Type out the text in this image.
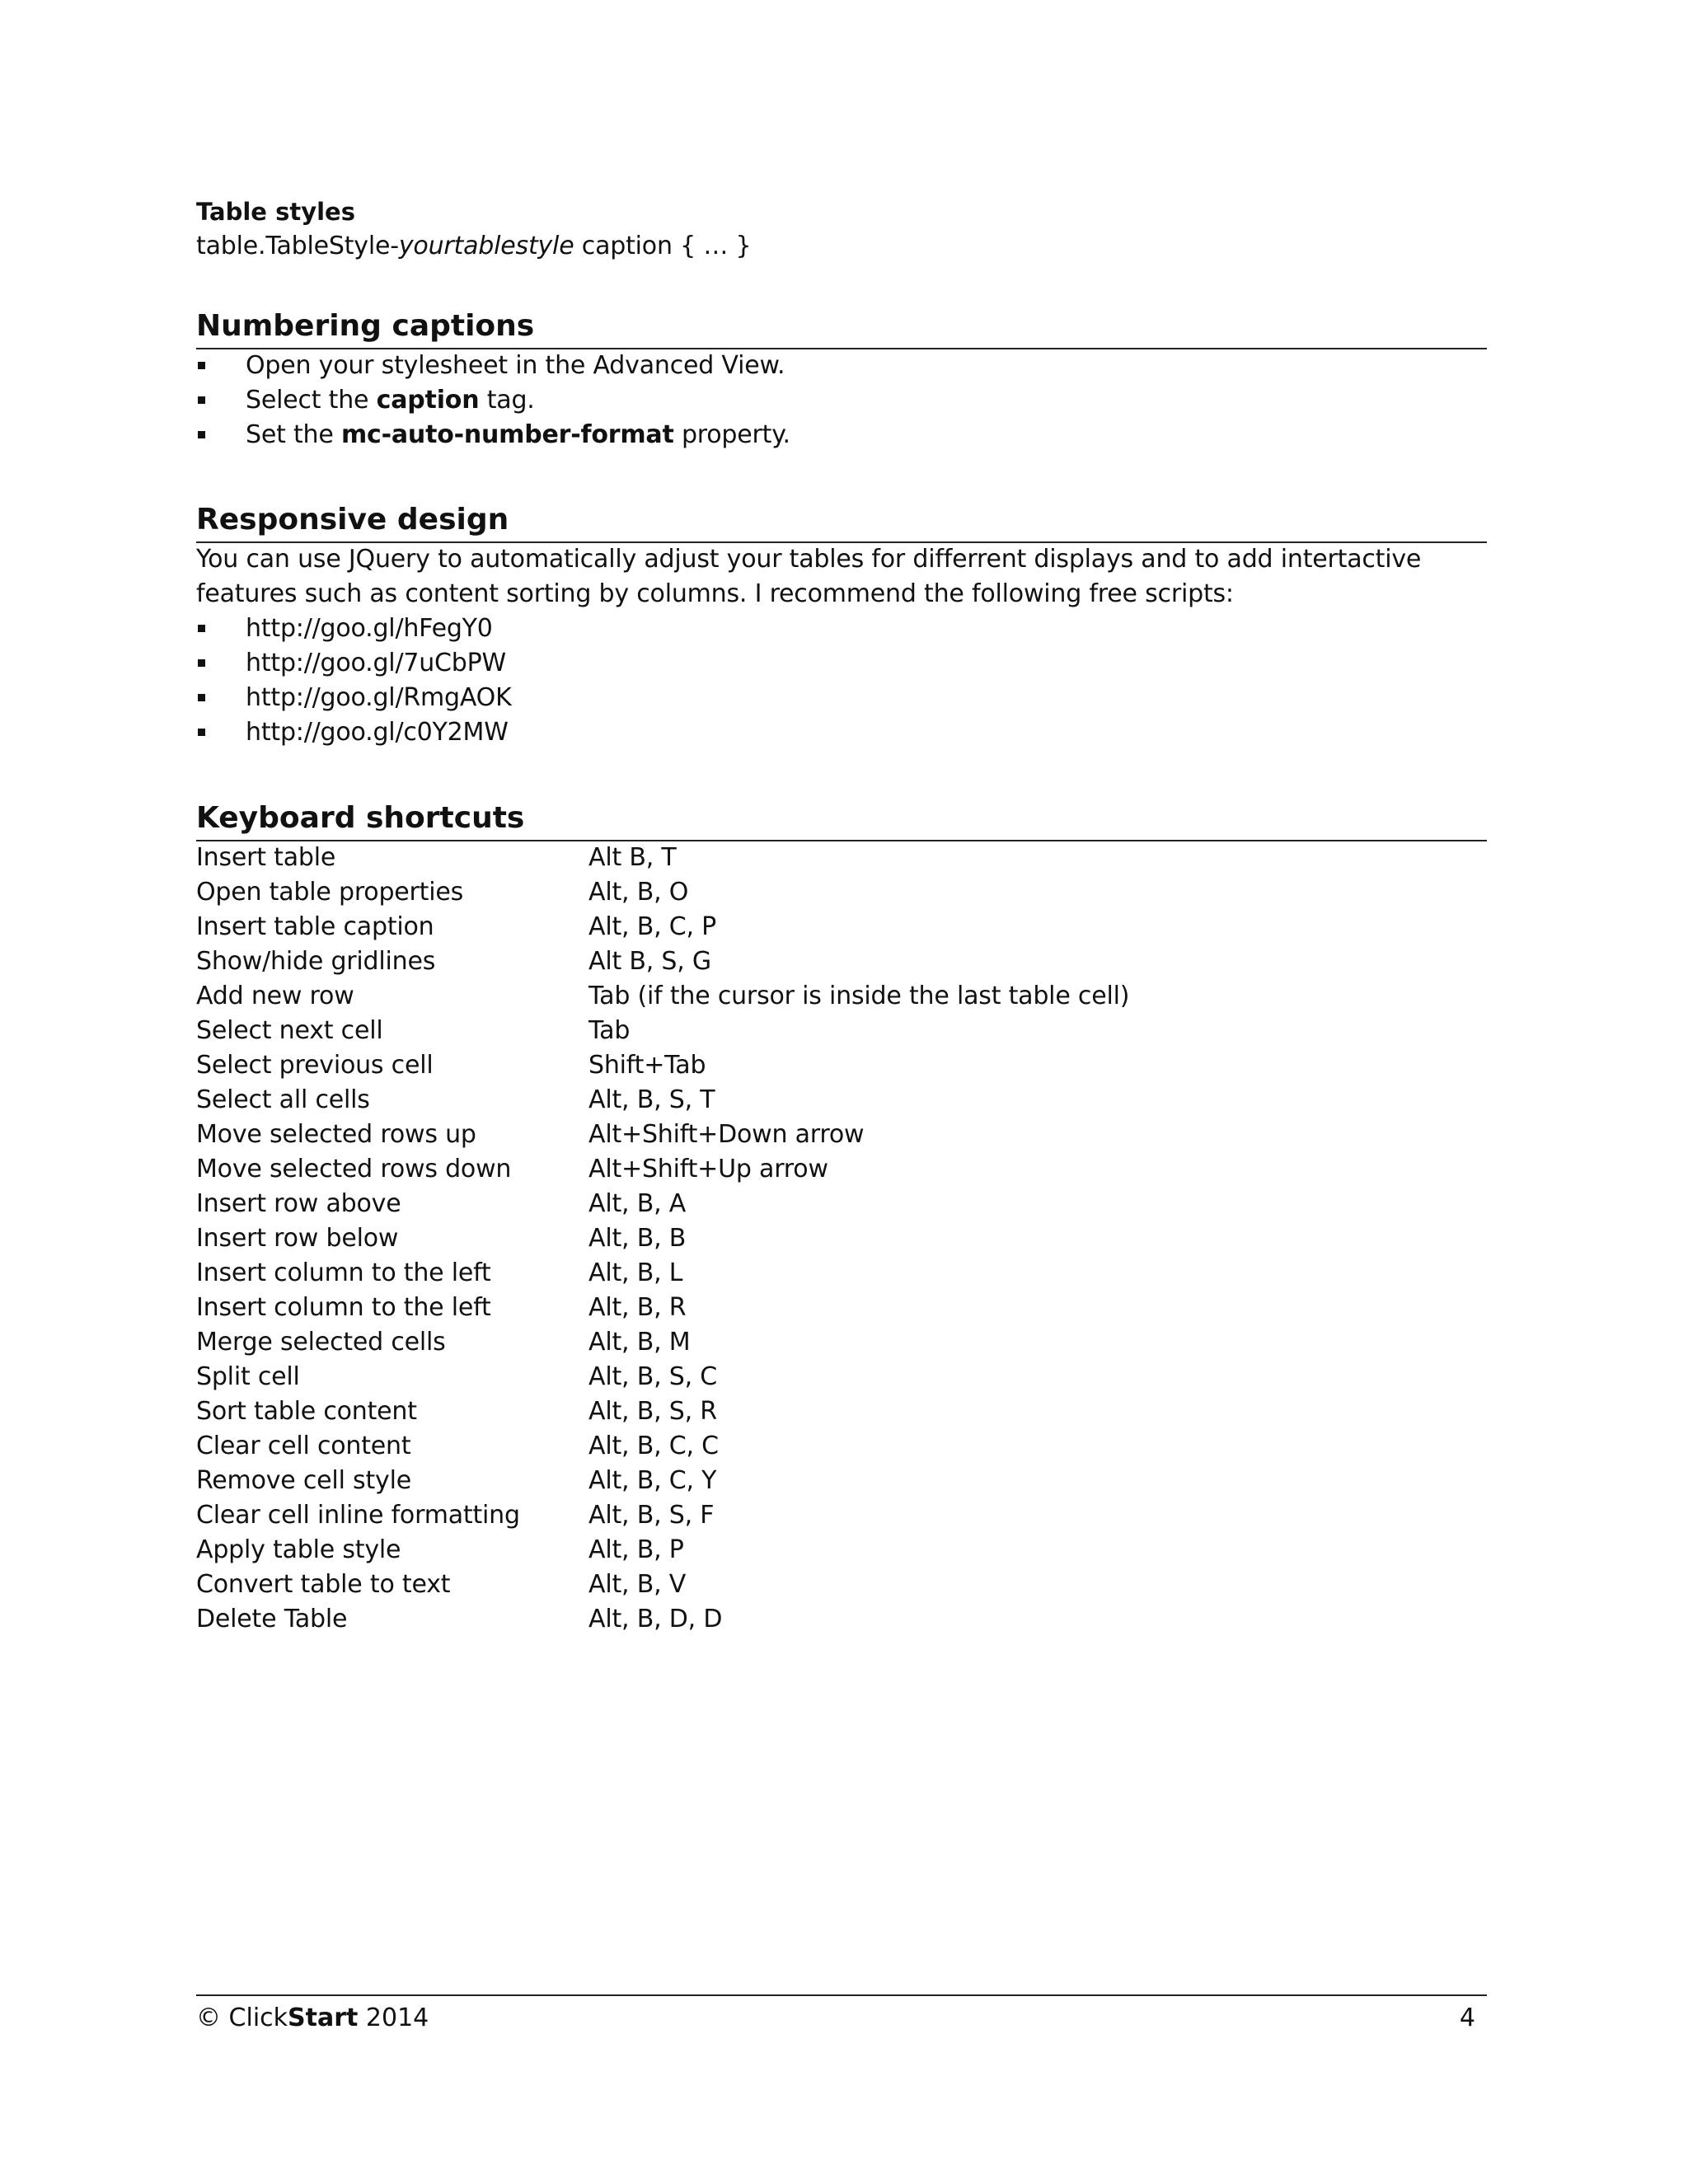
Table styles

table.TableStyle-yourtablestyle caption { … }

Numbering captions
Open your stylesheet in the Advanced View.
Select the caption tag.
Set the mc-auto-number-format property.
Responsive design

You can use JQuery to automatically adjust your tables for differrent displays and to add intertactive

features such as content sorting by columns. I recommend the following free scripts:

http://goo.gl/hFegY0
http://goo.gl/7uCbPW
http://goo.gl/RmgAOK
http://goo.gl/c0Y2MW
Keyboard shortcuts
Insert table	Alt B, T
Open table properties	Alt, B, O
Insert table caption	Alt, B, C, P
Show/hide gridlines	Alt B, S, G
Add new row	Tab (if the cursor is inside the last table cell)
Select next cell	Tab
Select previous cell	Shift+Tab
Select all cells	Alt, B, S, T
Move selected rows up	Alt+Shift+Down arrow
Move selected rows down	Alt+Shift+Up arrow
Insert row above	Alt, B, A
Insert row below	Alt, B, B
Insert column to the left	Alt, B, L
Insert column to the left	Alt, B, R
Merge selected cells	Alt, B, M
Split cell	Alt, B, S, C
Sort table content	Alt, B, S, R
Clear cell content	Alt, B, C, C
Remove cell style	Alt, B, C, Y
Clear cell inline formatting	Alt, B, S, F
Apply table style	Alt, B, P
Convert table to text	Alt, B, V
Delete Table	Alt, B, D, D
© ClickStart 2014	4
